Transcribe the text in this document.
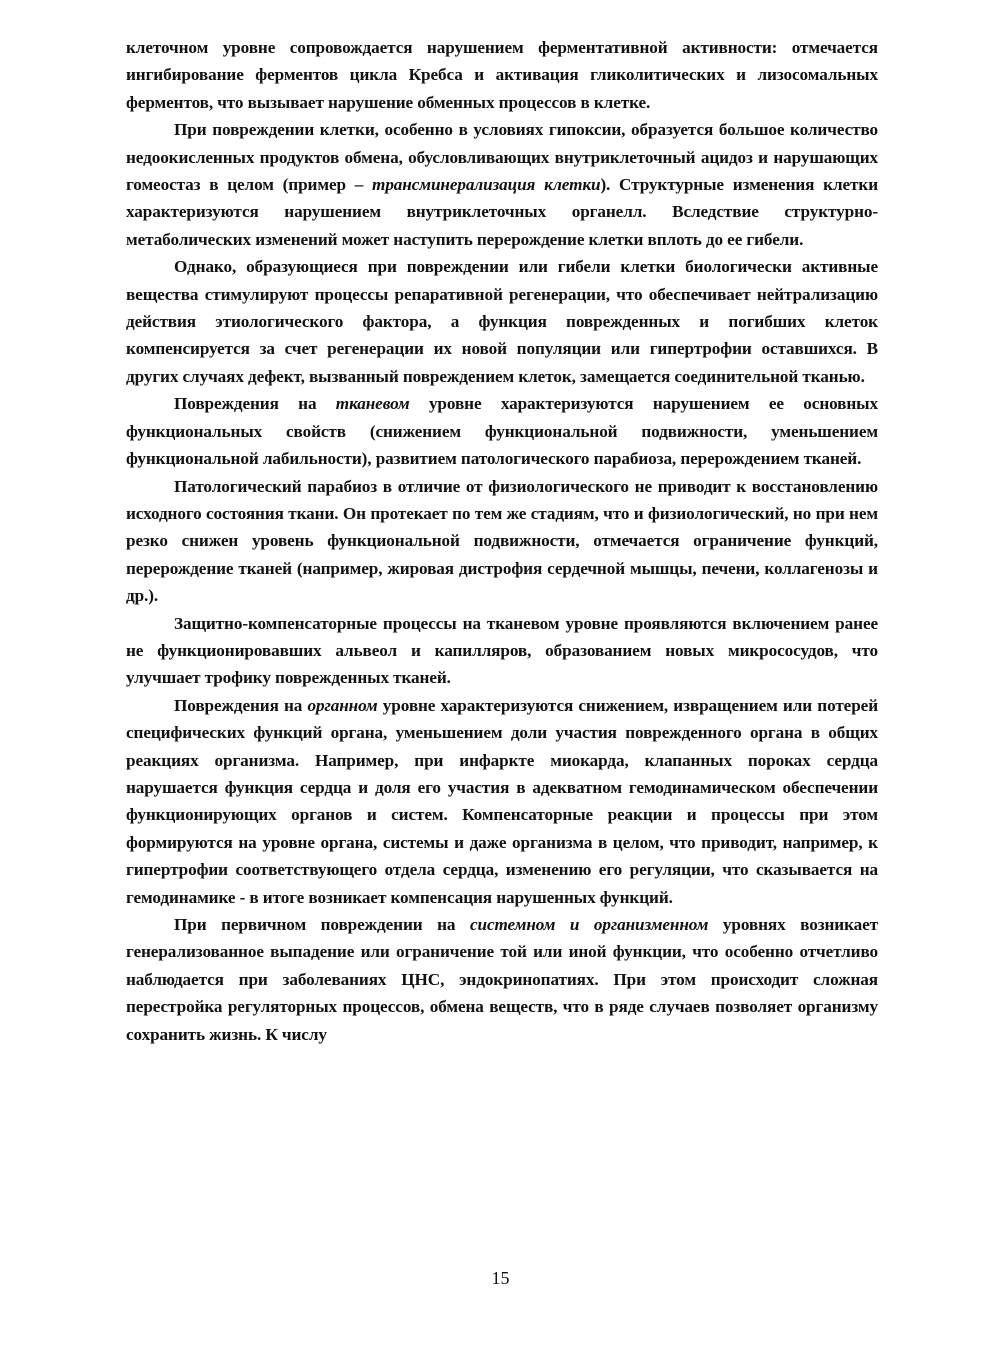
клеточном уровне сопровождается нарушением ферментативной активности: отмечается ингибирование ферментов цикла Кребса и активация гликолитических и лизосомальных ферментов, что вызывает нарушение обменных процессов в клетке.

При повреждении клетки, особенно в условиях гипоксии, образуется большое количество недоокисленных продуктов обмена, обусловливающих внутриклеточный ацидоз и нарушающих гомеостаз в целом (пример – трансминерализация клетки). Структурные изменения клетки характеризуются нарушением внутриклеточных органелл. Вследствие структурно-метаболических изменений может наступить перерождение клетки вплоть до ее гибели.

Однако, образующиеся при повреждении или гибели клетки биологически активные вещества стимулируют процессы репаративной регенерации, что обеспечивает нейтрализацию действия этиологического фактора, а функция поврежденных и погибших клеток компенсируется за счет регенерации их новой популяции или гипертрофии оставшихся. В других случаях дефект, вызванный повреждением клеток, замещается соединительной тканью.

Повреждения на тканевом уровне характеризуются нарушением ее основных функциональных свойств (снижением функциональной подвижности, уменьшением функциональной лабильности), развитием патологического парабиоза, перерождением тканей.

Патологический парабиоз в отличие от физиологического не приводит к восстановлению исходного состояния ткани. Он протекает по тем же стадиям, что и физиологический, но при нем резко снижен уровень функциональной подвижности, отмечается ограничение функций, перерождение тканей (например, жировая дистрофия сердечной мышцы, печени, коллагенозы и др.).

Защитно-компенсаторные процессы на тканевом уровне проявляются включением ранее не функционировавших альвеол и капилляров, образованием новых микрососудов, что улучшает трофику поврежденных тканей.

Повреждения на органном уровне характеризуются снижением, извращением или потерей специфических функций органа, уменьшением доли участия поврежденного органа в общих реакциях организма. Например, при инфаркте миокарда, клапанных пороках сердца нарушается функция сердца и доля его участия в адекватном гемодинамическом обеспечении функционирующих органов и систем. Компенсаторные реакции и процессы при этом формируются на уровне органа, системы и даже организма в целом, что приводит, например, к гипертрофии соответствующего отдела сердца, изменению его регуляции, что сказывается на гемодинамике - в итоге возникает компенсация нарушенных функций.

При первичном повреждении на системном и организменном уровнях возникает генерализованное выпадение или ограничение той или иной функции, что особенно отчетливо наблюдается при заболеваниях ЦНС, эндокринопатиях. При этом происходит сложная перестройка регуляторных процессов, обмена веществ, что в ряде случаев позволяет организму сохранить жизнь. К числу

15
